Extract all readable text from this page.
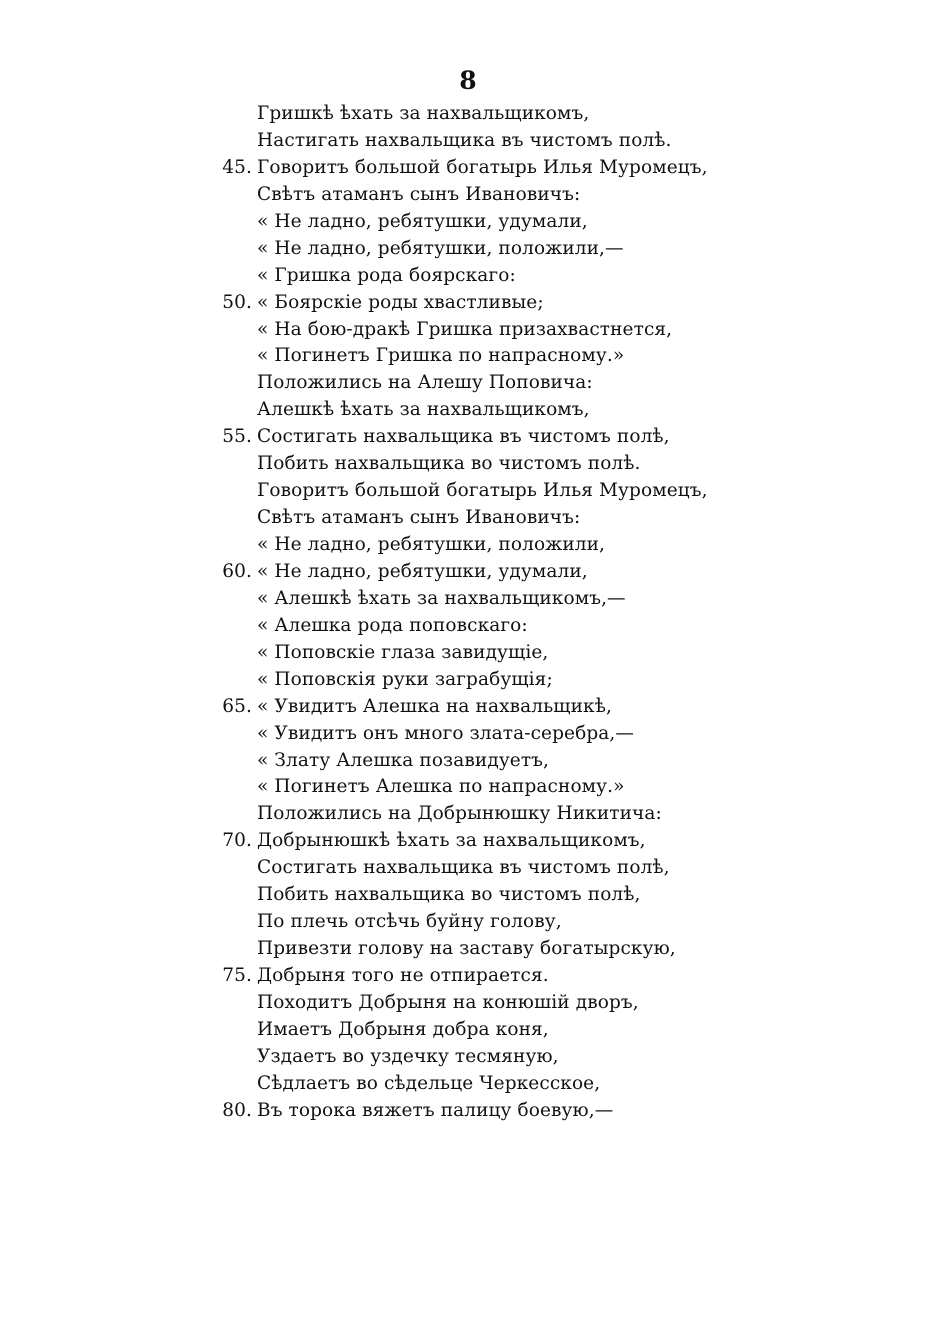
8
Гришкѣ ѣхать за нахвальщикомъ,
Настигать нахвальщика въ чистомъ полѣ.
45. Говоритъ большой богатырь Илья Муромецъ,
Свѣтъ атаманъ сынъ Ивановичъ:
« Не ладно, ребятушки, удумали,
« Не ладно, ребятушки, положили,—
« Гришка рода боярскаго:
50. « Боярскіе роды хвастливые;
« На бою-дракѣ Гришка призахвастнется,
« Погинетъ Гришка по напрасному.»
Положились на Алешу Поповича:
Алешкѣ ѣхать за нахвальщикомъ,
55. Состигать нахвальщика въ чистомъ полѣ,
Побить нахвальщика во чистомъ полѣ.
Говоритъ большой богатырь Илья Муромецъ,
Свѣтъ атаманъ сынъ Ивановичъ:
« Не ладно, ребятушки, положили,
60. « Не ладно, ребятушки, удумали,
« Алешкѣ ѣхать за нахвальщикомъ,—
« Алешка рода поповскаго:
« Поповскіе глаза завидущіе,
« Поповскія руки заграбущія;
65. « Увидитъ Алешка на нахвальщикѣ,
« Увидитъ онъ много злата-серебра,—
« Злату Алешка позавидуетъ,
« Погинетъ Алешка по напрасному.»
Положились на Добрынюшку Никитича:
70. Добрынюшкѣ ѣхать за нахвальщикомъ,
Состигать нахвальщика въ чистомъ полѣ,
Побить нахвальщика во чистомъ полѣ,
По плечь отсѣчь буйну голову,
Привезти голову на заставу богатырскую,
75. Добрыня того не отпирается.
Походитъ Добрыня на конюшій дворъ,
Имаетъ Добрыня добра коня,
Уздаетъ во уздечку тесмяную,
Сѣдлаетъ во сѣдельце Черкесское,
80. Въ торока вяжетъ палицу боевую,—
